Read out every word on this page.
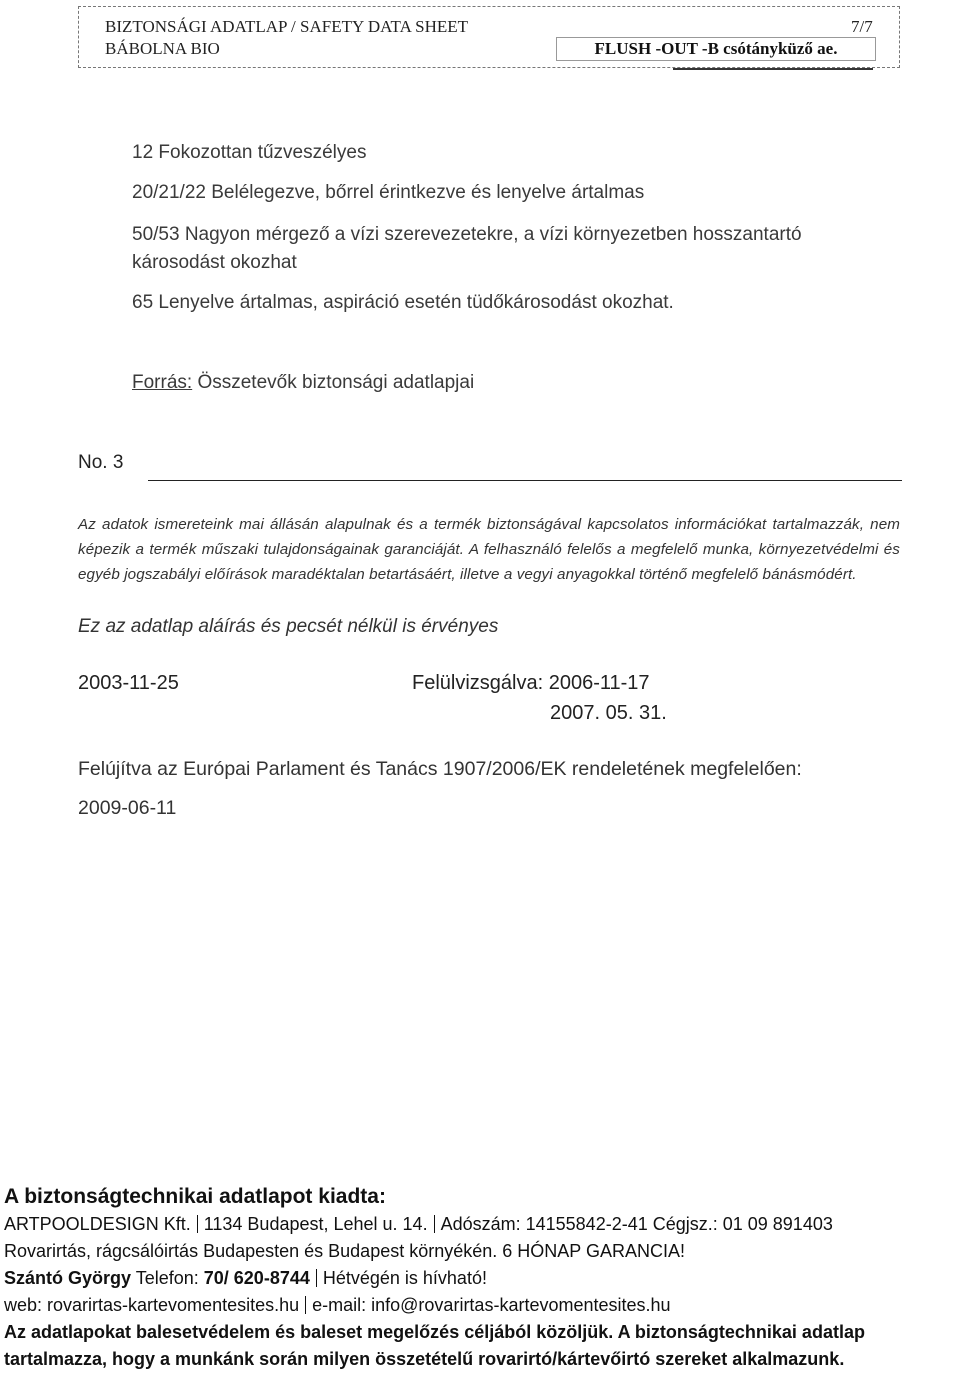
BIZTONSÁGI ADATLAP / SAFETY DATA SHEET	7/7
BÁBOLNA BIO	FLUSH -OUT -B csótányküző ae.
12 Fokozottan tűzveszélyes
20/21/22 Belélegezve, bőrrel érintkezve és lenyelve ártalmas
50/53 Nagyon mérgező a vízi szerevezetekre, a vízi környezetben hosszantartó
károsodást okozhat
65 Lenyelve ártalmas, aspiráció esetén tüdőkárosodást okozhat.
Forrás: Összetevők biztonsági adatlapjai
No. 3
Az adatok ismereteink mai állásán alapulnak és a termék biztonságával kapcsolatos információkat tartalmazzák, nem képezik a termék műszaki tulajdonságainak garanciáját. A felhasználó felelős a megfelelő munka, környezetvédelmi és egyéb jogszabályi előírások maradéktalan betartásáért, illetve a vegyi anyagokkal történő megfelelő bánásmódért.
Ez az adatlap aláírás és pecsét nélkül is érvényes
2003-11-25	Felülvizsgálva: 2006-11-17
2007. 05. 31.
Felújítva az Európai Parlament és Tanács 1907/2006/EK rendeletének megfelelően:
2009-06-11
A biztonságtechnikai adatlapot kiadta:
ARTPOOLDESIGN Kft. 1134 Budapest, Lehel u. 14. Adószám: 14155842-2-41 Cégjsz.: 01 09 891403
Rovarirtás, rágcsálóirtás Budapesten és Budapest környékén. 6 HÓNAP GARANCIA!
Szántó György Telefon: 70/ 620-8744 Hétvégén is hívható!
web: rovarirtas-kartevomentesites.hu e-mail: info@rovarirtas-kartevomentesites.hu
Az adatlapokat balesetvédelem és baleset megelőzés céljából közöljük. A biztonságtechnikai adatlap
tartalmazza, hogy a munkánk során milyen összetételű rovarirtó/kártevőirtó szereket alkalmazunk.
